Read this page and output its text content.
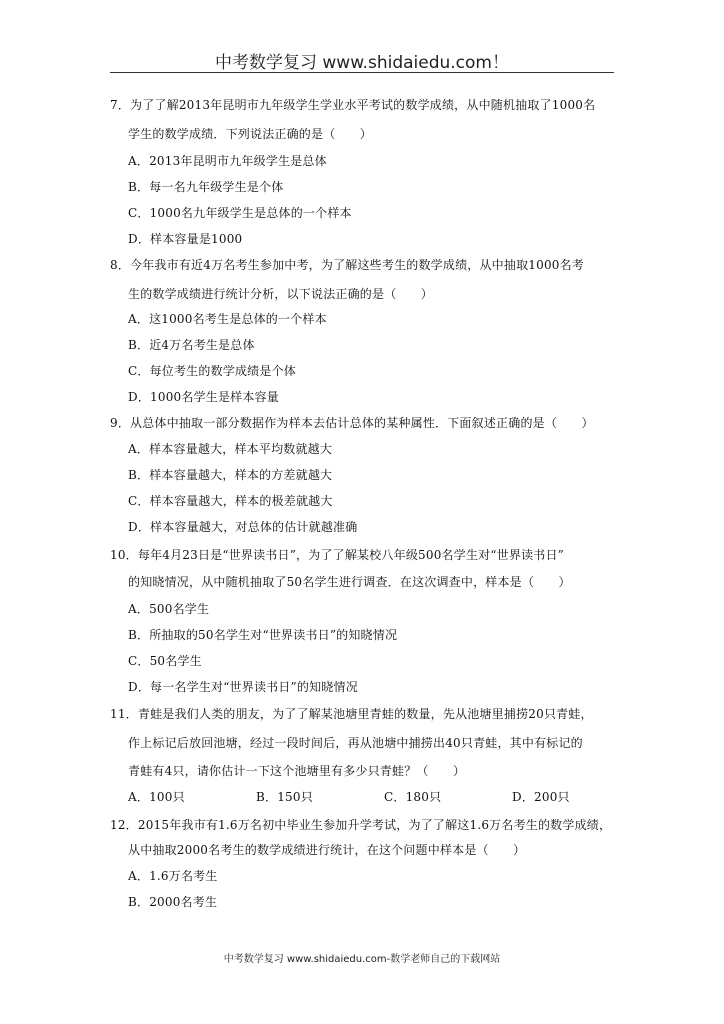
中考数学复习 www.shidaiedu.com！
7．为了了解2013年昆明市九年级学生学业水平考试的数学成绩，从中随机抽取了1000名
学生的数学成绩．下列说法正确的是（　　）
A．2013年昆明市九年级学生是总体
B．每一名九年级学生是个体
C．1000名九年级学生是总体的一个样本
D．样本容量是1000
8．今年我市有近4万名考生参加中考，为了解这些考生的数学成绩，从中抽取1000名考
生的数学成绩进行统计分析，以下说法正确的是（　　）
A．这1000名考生是总体的一个样本
B．近4万名考生是总体
C．每位考生的数学成绩是个体
D．1000名学生是样本容量
9．从总体中抽取一部分数据作为样本去估计总体的某种属性．下面叙述正确的是（　　）
A．样本容量越大，样本平均数就越大
B．样本容量越大，样本的方差就越大
C．样本容量越大，样本的极差就越大
D．样本容量越大，对总体的估计就越准确
10．每年4月23日是“世界读书日”，为了了解某校八年级500名学生对“世界读书日”
的知晓情况，从中随机抽取了50名学生进行调查．在这次调查中，样本是（　　）
A．500名学生
B．所抽取的50名学生对“世界读书日”的知晓情况
C．50名学生
D．每一名学生对“世界读书日”的知晓情况
11．青蛙是我们人类的朋友，为了了解某池塘里青蛙的数量，先从池塘里捕捞20只青蛙，
作上标记后放回池塘，经过一段时间后，再从池塘中捕捞出40只青蛙，其中有标记的
青蛙有4只，请你估计一下这个池塘里有多少只青蛙？（　　）
A．100只	B．150只	C．180只	D．200只
12．2015年我市有1.6万名初中毕业生参加升学考试，为了了解这1.6万名考生的数学成绩，
从中抽取2000名考生的数学成绩进行统计，在这个问题中样本是（　　）
A．1.6万名考生
B．2000名考生
中考数学复习 www.shidaiedu.com-数学老师自己的下载网站
